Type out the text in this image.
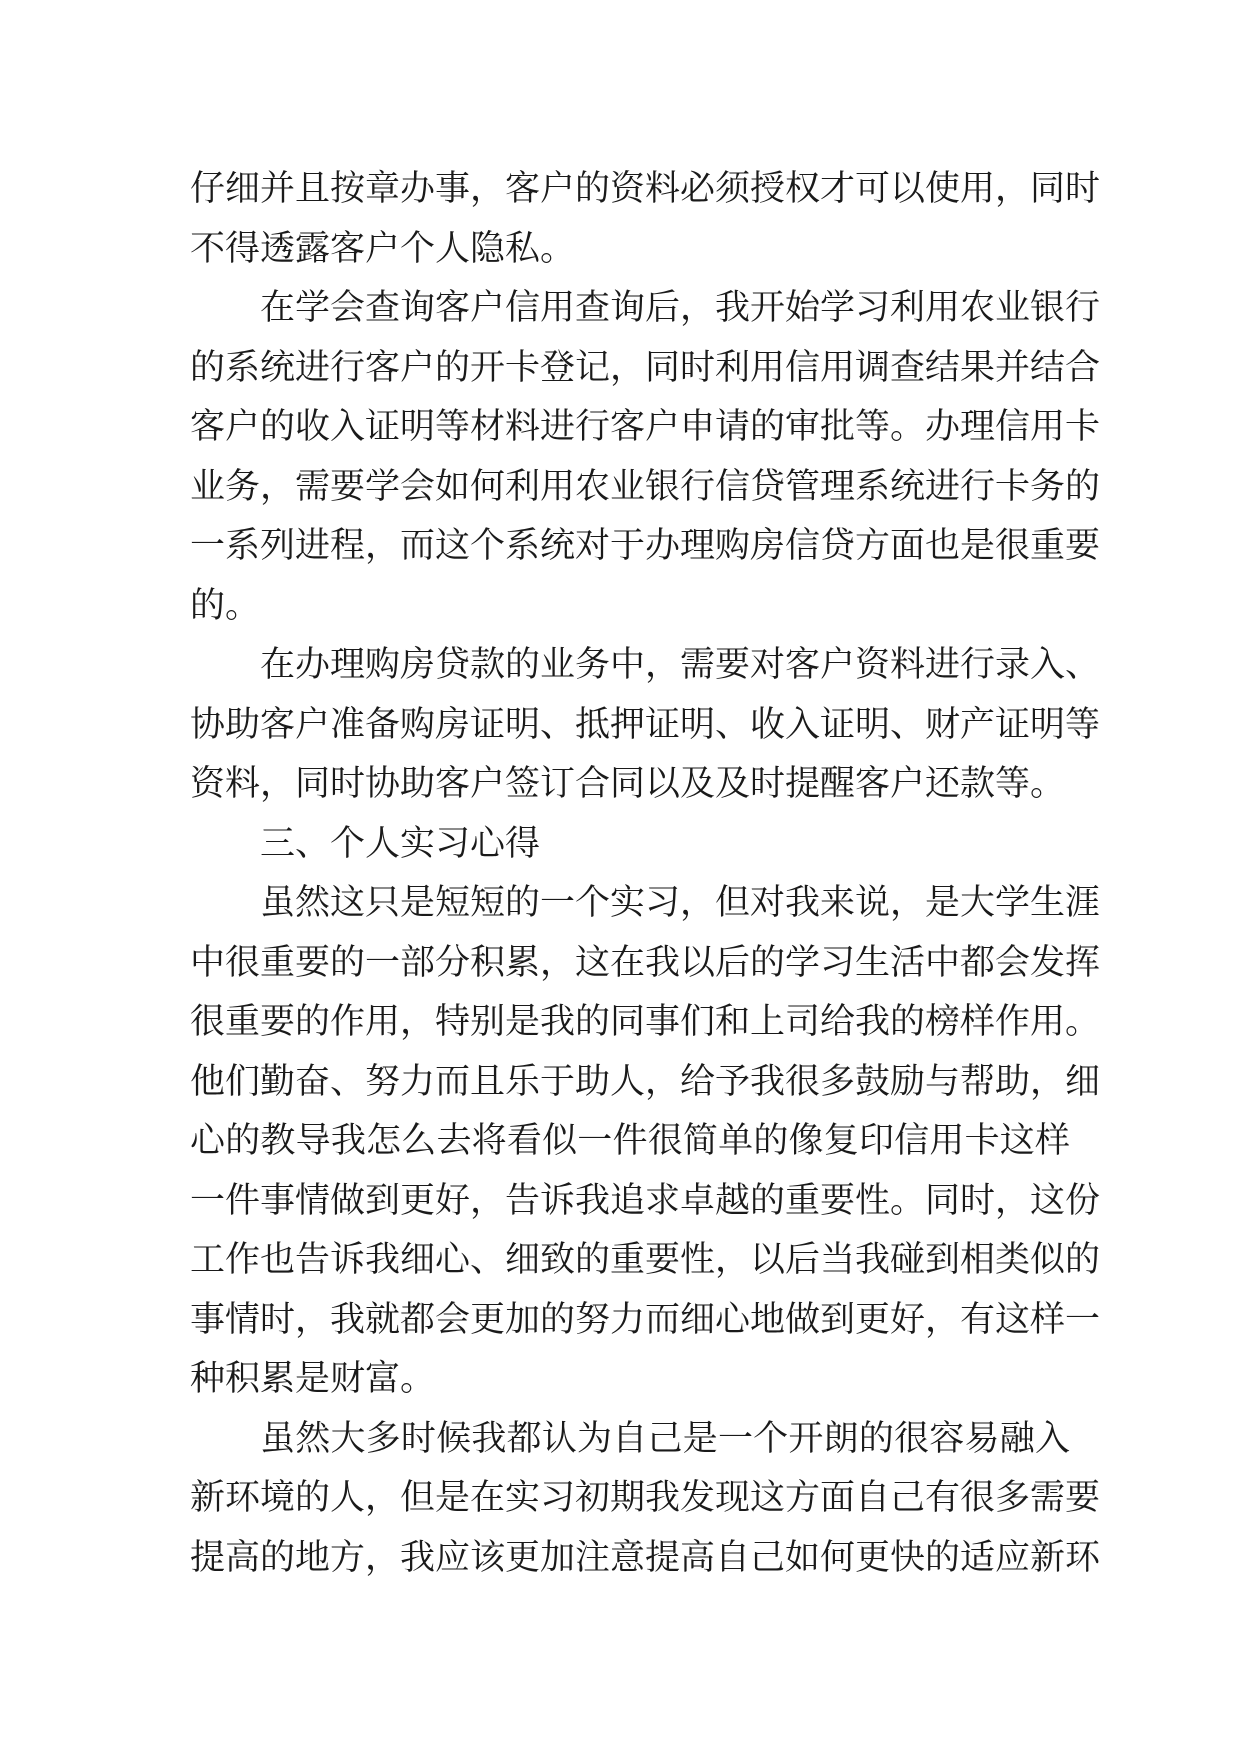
仔细并且按章办事，客户的资料必须授权才可以使用，同时
不得透露客户个人隐私。
在学会查询客户信用查询后，我开始学习利用农业银行
的系统进行客户的开卡登记，同时利用信用调查结果并结合
客户的收入证明等材料进行客户申请的审批等。办理信用卡
业务，需要学会如何利用农业银行信贷管理系统进行卡务的
一系列进程，而这个系统对于办理购房信贷方面也是很重要
的。
在办理购房贷款的业务中，需要对客户资料进行录入、
协助客户准备购房证明、抵押证明、收入证明、财产证明等
资料，同时协助客户签订合同以及及时提醒客户还款等。
三、个人实习心得
虽然这只是短短的一个实习，但对我来说，是大学生涯
中很重要的一部分积累，这在我以后的学习生活中都会发挥
很重要的作用，特别是我的同事们和上司给我的榜样作用。
他们勤奋、努力而且乐于助人，给予我很多鼓励与帮助，细
心的教导我怎么去将看似一件很简单的像复印信用卡这样
一件事情做到更好，告诉我追求卓越的重要性。同时，这份
工作也告诉我细心、细致的重要性，以后当我碰到相类似的
事情时，我就都会更加的努力而细心地做到更好，有这样一
种积累是财富。
虽然大多时候我都认为自己是一个开朗的很容易融入
新环境的人，但是在实习初期我发现这方面自己有很多需要
提高的地方，我应该更加注意提高自己如何更快的适应新环
